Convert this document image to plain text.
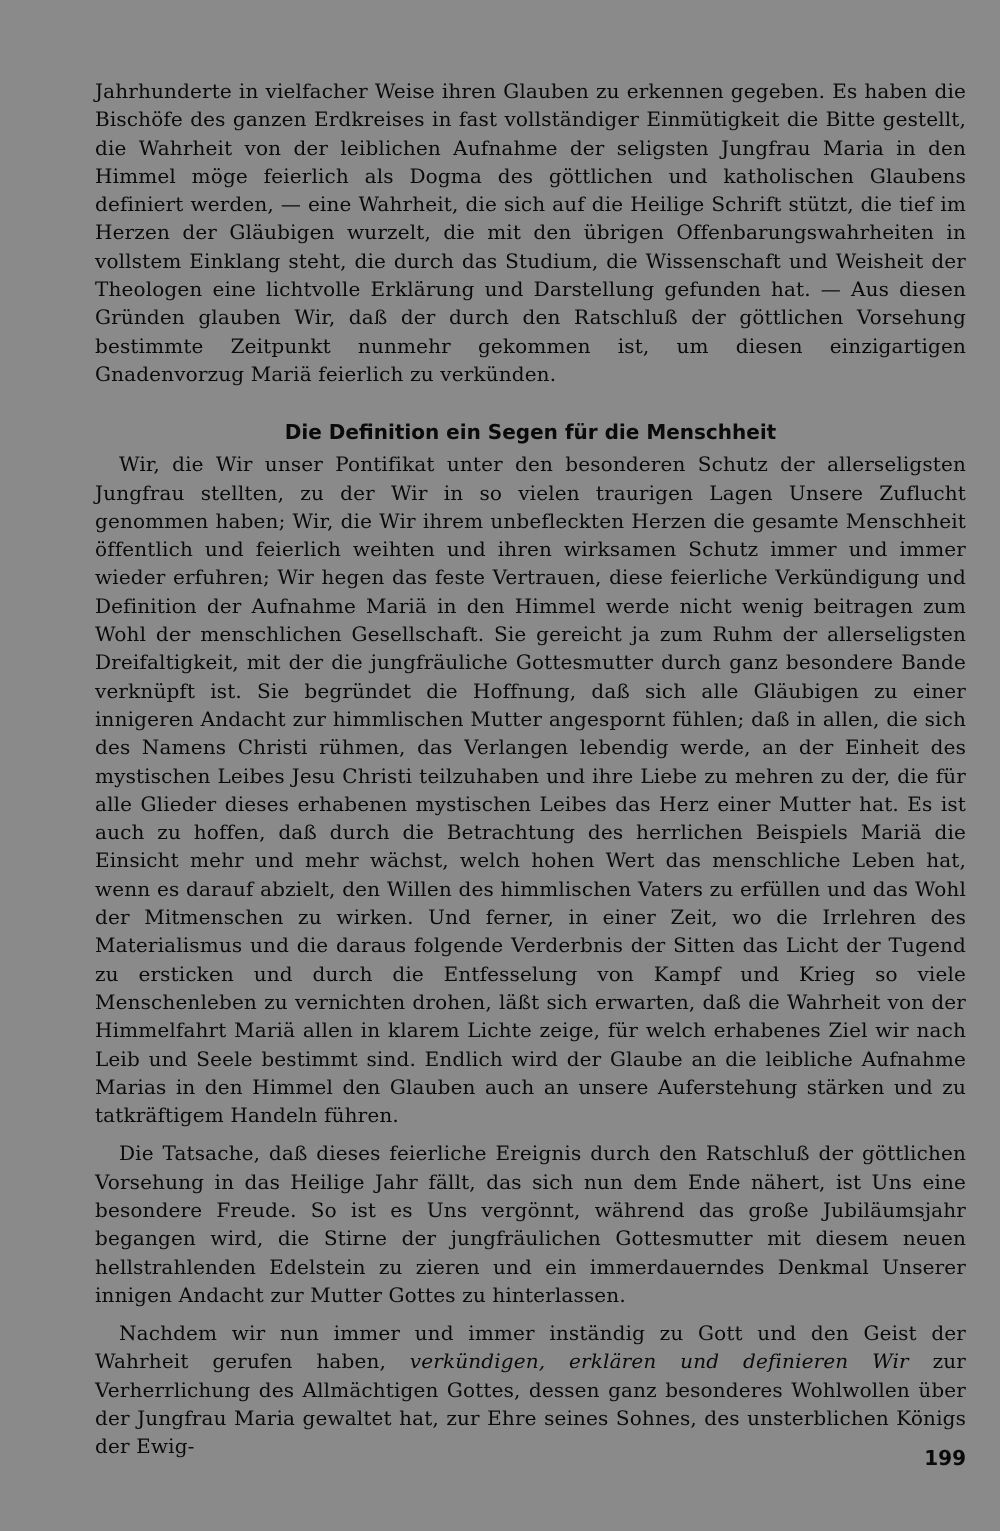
Jahrhunderte in vielfacher Weise ihren Glauben zu erkennen gegeben. Es haben die Bischöfe des ganzen Erdkreises in fast vollständiger Einmütigkeit die Bitte gestellt, die Wahrheit von der leiblichen Aufnahme der seligsten Jungfrau Maria in den Himmel möge feierlich als Dogma des göttlichen und katholischen Glaubens definiert werden, — eine Wahrheit, die sich auf die Heilige Schrift stützt, die tief im Herzen der Gläubigen wurzelt, die mit den übrigen Offenbarungswahrheiten in vollstem Einklang steht, die durch das Studium, die Wissenschaft und Weisheit der Theologen eine lichtvolle Erklärung und Darstellung gefunden hat. — Aus diesen Gründen glauben Wir, daß der durch den Ratschluß der göttlichen Vorsehung bestimmte Zeitpunkt nunmehr gekommen ist, um diesen einzigartigen Gnadenvorzug Mariä feierlich zu verkünden.

Die Definition ein Segen für die Menschheit

Wir, die Wir unser Pontifikat unter den besonderen Schutz der allerseligsten Jungfrau stellten, zu der Wir in so vielen traurigen Lagen Unsere Zuflucht genommen haben; Wir, die Wir ihrem unbefleckten Herzen die gesamte Menschheit öffentlich und feierlich weihten und ihren wirksamen Schutz immer und immer wieder erfuhren; Wir hegen das feste Vertrauen, diese feierliche Verkündigung und Definition der Aufnahme Mariä in den Himmel werde nicht wenig beitragen zum Wohl der menschlichen Gesellschaft. Sie gereicht ja zum Ruhm der allerseligsten Dreifaltigkeit, mit der die jungfräuliche Gottesmutter durch ganz besondere Bande verknüpft ist. Sie begründet die Hoffnung, daß sich alle Gläubigen zu einer innigeren Andacht zur himmlischen Mutter angespornt fühlen; daß in allen, die sich des Namens Christi rühmen, das Verlangen lebendig werde, an der Einheit des mystischen Leibes Jesu Christi teilzuhaben und ihre Liebe zu mehren zu der, die für alle Glieder dieses erhabenen mystischen Leibes das Herz einer Mutter hat. Es ist auch zu hoffen, daß durch die Betrachtung des herrlichen Beispiels Mariä die Einsicht mehr und mehr wächst, welch hohen Wert das menschliche Leben hat, wenn es darauf abzielt, den Willen des himmlischen Vaters zu erfüllen und das Wohl der Mitmenschen zu wirken. Und ferner, in einer Zeit, wo die Irrlehren des Materialismus und die daraus folgende Verderbnis der Sitten das Licht der Tugend zu ersticken und durch die Entfesselung von Kampf und Krieg so viele Menschenleben zu vernichten drohen, läßt sich erwarten, daß die Wahrheit von der Himmelfahrt Mariä allen in klarem Lichte zeige, für welch erhabenes Ziel wir nach Leib und Seele bestimmt sind. Endlich wird der Glaube an die leibliche Aufnahme Marias in den Himmel den Glauben auch an unsere Auferstehung stärken und zu tatkräftigem Handeln führen.

Die Tatsache, daß dieses feierliche Ereignis durch den Ratschluß der göttlichen Vorsehung in das Heilige Jahr fällt, das sich nun dem Ende nähert, ist Uns eine besondere Freude. So ist es Uns vergönnt, während das große Jubiläumsjahr begangen wird, die Stirne der jungfräulichen Gottesmutter mit diesem neuen hellstrahlenden Edelstein zu zieren und ein immerdauerndes Denkmal Unserer innigen Andacht zur Mutter Gottes zu hinterlassen.

Nachdem wir nun immer und immer inständig zu Gott und den Geist der Wahrheit gerufen haben, verkündigen, erklären und definieren Wir zur Verherrlichung des Allmächtigen Gottes, dessen ganz besonderes Wohlwollen über der Jungfrau Maria gewaltet hat, zur Ehre seines Sohnes, des unsterblichen Königs der Ewig-	199
